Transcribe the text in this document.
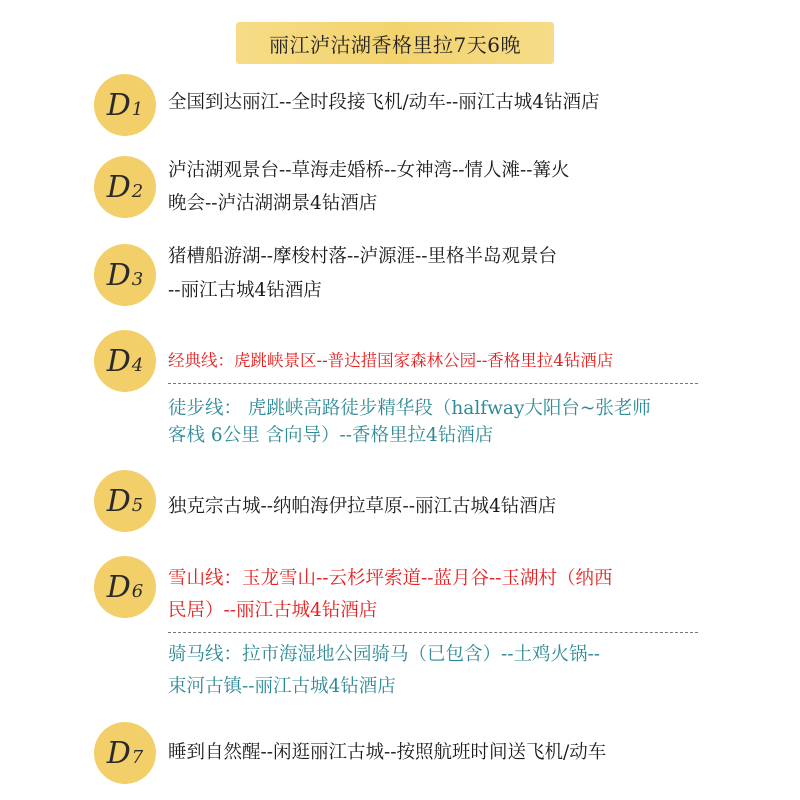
丽江泸沽湖香格里拉7天6晚
D 1 全国到达丽江--全时段接飞机/动车--丽江古城4钻酒店
D 2
泸沽湖观景台--草海走婚桥--女神湾--情人滩--篝火
晚会--泸沽湖湖景4钻酒店
D 3
猪槽船游湖--摩梭村落--泸源涯--里格半岛观景台
--丽江古城4钻酒店
D 4 经典线：虎跳峡景区--普达措国家森林公园--香格里拉4钻酒店
徒步线： 虎跳峡高路徒步精华段（halfway大阳台~张老师
客栈 6公里 含向导）--香格里拉4钻酒店
D 5 独克宗古城--纳帕海伊拉草原--丽江古城4钻酒店
D 6
雪山线：玉龙雪山--云杉坪索道--蓝月谷--玉湖村（纳西
民居）--丽江古城4钻酒店
骑马线：拉市海湿地公园骑马（已包含）--土鸡火锅--
束河古镇--丽江古城4钻酒店
D 7 睡到自然醒--闲逛丽江古城--按照航班时间送飞机/动车
